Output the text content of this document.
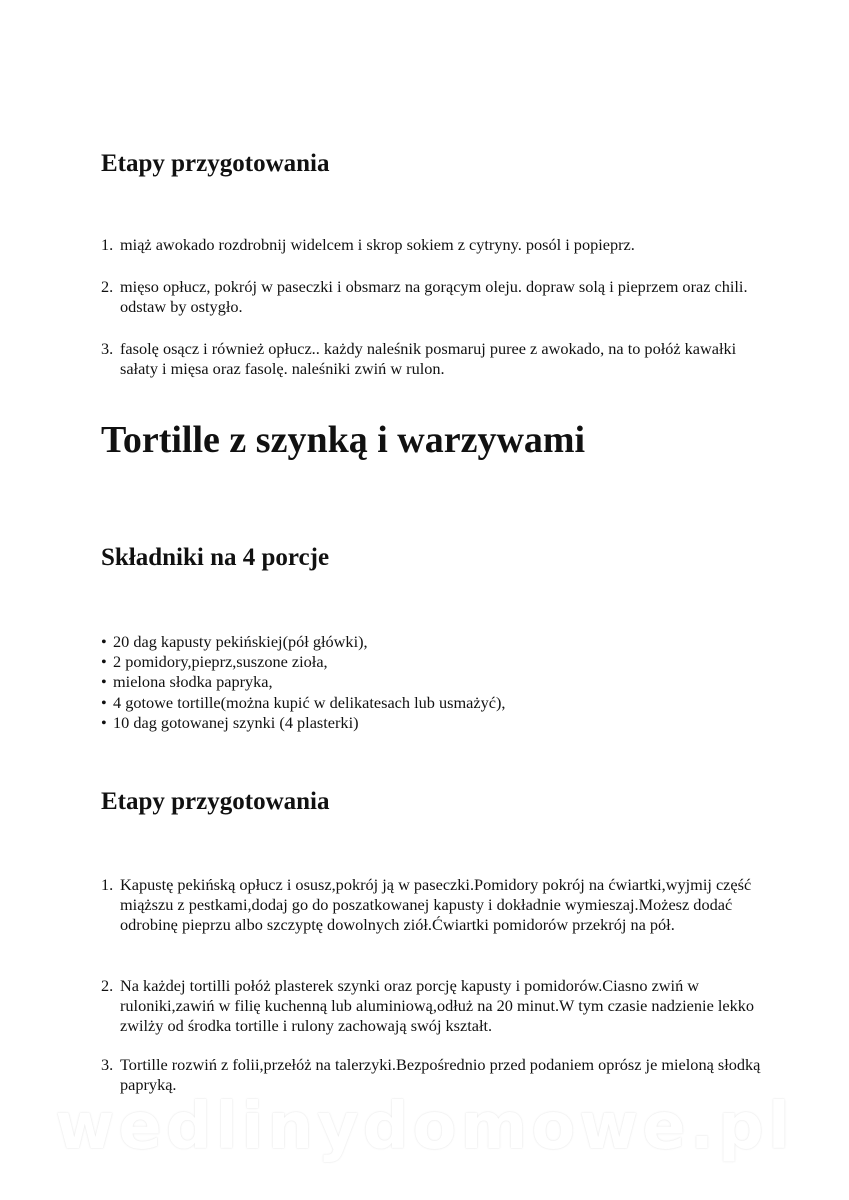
Etapy przygotowania
1. miąż awokado rozdrobnij widelcem i skrop sokiem z cytryny. posól i popieprz.
2. mięso opłucz, pokrój w paseczki i obsmarz na gorącym oleju. dopraw solą i pieprzem oraz chili. odstaw by ostygło.
3. fasolę osącz i również opłucz.. każdy naleśnik posmaruj puree z awokado, na to połóż kawałki sałaty i mięsa oraz fasolę. naleśniki zwiń w rulon.
Tortille z szynką i warzywami
Składniki na 4 porcje
• 20 dag kapusty pekińskiej(pół główki),
• 2 pomidory,pieprz,suszone zioła,
• mielona słodka papryka,
• 4 gotowe tortille(można kupić w delikatesach lub usmażyć),
• 10 dag gotowanej szynki (4 plasterki)
Etapy przygotowania
1. Kapustę pekińską opłucz i osusz,pokrój ją w paseczki.Pomidory pokrój na ćwiartki,wyjmij część miąższu z pestkami,dodaj go do poszatkowanej kapusty i dokładnie wymieszaj.Możesz dodać odrobinę pieprzu albo szczyptę dowolnych ziół.Ćwiartki pomidorów przekrój na pół.
2. Na każdej tortilli połóż plasterek szynki oraz porcję kapusty i pomidorów.Ciasno zwiń w ruloniki,zawiń w filię kuchenną lub aluminiową,odłuż na 20 minut.W tym czasie nadzienie lekko zwilży od środka tortille i rulony zachowają swój kształt.
3. Tortille rozwiń z folii,przełóż na talerzyki.Bezpośrednio przed podaniem oprósz je mieloną słodką papryką.
wedlinydomowe.pl
